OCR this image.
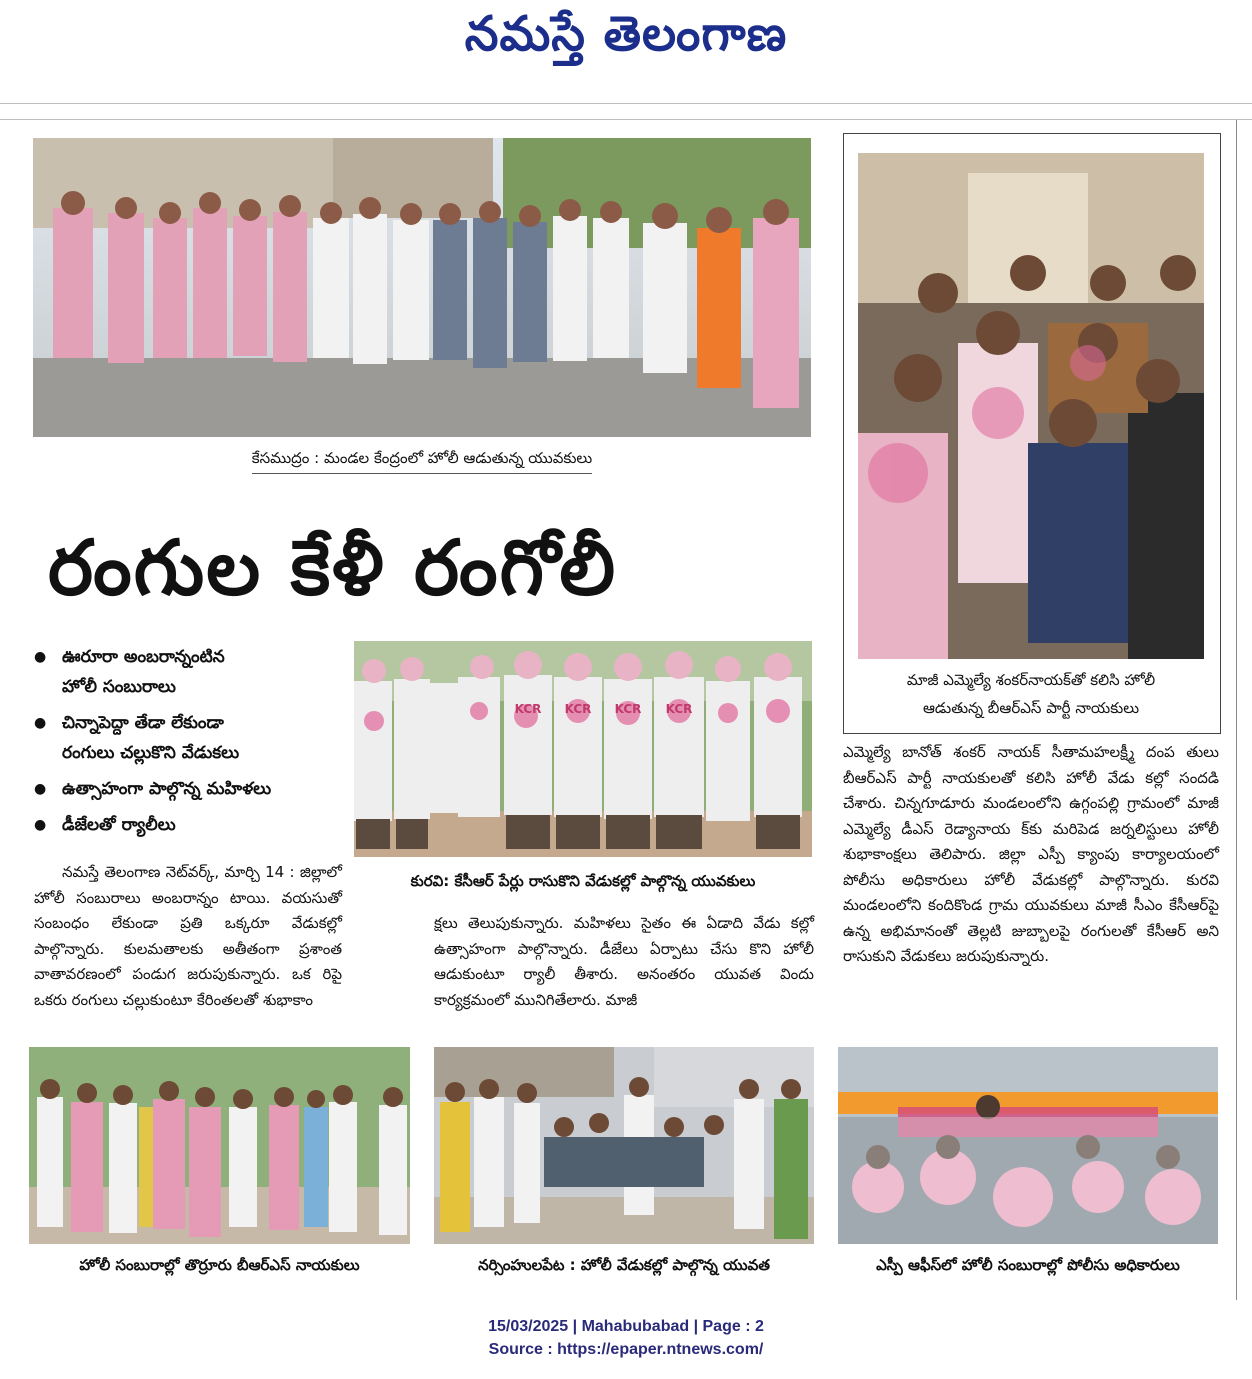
నమస్తే తెలంగాణ
కేసముద్రం : మండల కేంద్రంలో హోలీ ఆడుతున్న యువకులు
మాజీ ఎమ్మెల్యే శంకర్‌నాయక్‌తో కలిసి హోలీ
ఆడుతున్న బీఆర్‌ఎస్ పార్టీ నాయకులు
రంగుల కేళీ రంగోలీ
● ఊరూరా అంబరాన్నంటిన
హోలీ సంబురాలు
● చిన్నాపెద్దా తేడా లేకుండా
రంగులు చల్లుకొని వేడుకలు
● ఉత్సాహంగా పాల్గొన్న మహిళలు
● డీజేలతో ర్యాలీలు
KCR KCR KCR KCR
కురవి: కేసీఆర్ పేర్లు రాసుకొని వేడుకల్లో పాల్గొన్న యువకులు

నమస్తే తెలంగాణ నెట్‌వర్క్, మార్చి 14 : జిల్లాలో హోలీ సంబురాలు అంబరాన్నం టాయి. వయసుతో సంబంధం లేకుండా ప్రతి ఒక్కరూ వేడుకల్లో పాల్గొన్నారు. కులమతాలకు అతీతంగా ప్రశాంత వాతావరణంలో పండుగ జరుపుకున్నారు. ఒక రిపై ఒకరు రంగులు చల్లుకుంటూ కేరింతలతో శుభాకాం

క్షలు తెలుపుకున్నారు. మహిళలు సైతం ఈ ఏడాది వేడు కల్లో ఉత్సాహంగా పాల్గొన్నారు. డీజేలు ఏర్పాటు చేసు కొని హోలీ ఆడుకుంటూ ర్యాలీ తీశారు. అనంతరం యువత విందు కార్యక్రమంలో మునిగితేలారు. మాజీ

ఎమ్మెల్యే బానోత్ శంకర్ నాయక్ సీతామహలక్ష్మీ దంప తులు బీఆర్‌ఎస్ పార్టీ నాయకులతో కలిసి హోలీ వేడు కల్లో సందడి చేశారు. చిన్నగూడూరు మండలంలోని ఉగ్గంపల్లి గ్రామంలో మాజీ ఎమ్మెల్యే డీఎస్ రెడ్యానాయ క్‌కు మరిపెడ జర్నలిస్టులు హోలీ శుభాకాంక్షలు తెలిపారు. జిల్లా ఎస్పీ క్యాంపు కార్యాలయంలో పోలీసు అధికారులు హోలీ వేడుకల్లో పాల్గొన్నారు. కురవి మండలంలోని కందికొండ గ్రామ యువకులు మాజీ సీఎం కేసీఆర్‌పై ఉన్న అభిమానంతో తెల్లటి జుబ్బాలపై రంగులతో కేసీఆర్ అని రాసుకుని వేడుకలు జరుపుకున్నారు.

హోలీ సంబురాల్లో తొర్రూరు బీఆర్‌ఎస్ నాయకులు	నర్సింహులపేట : హోలీ వేడుకల్లో పాల్గొన్న యువత	ఎస్పీ ఆఫీస్‌లో హోలీ సంబురాల్లో పోలీసు అధికారులు
15/03/2025 | Mahabubabad | Page : 2
Source : https://epaper.ntnews.com/
